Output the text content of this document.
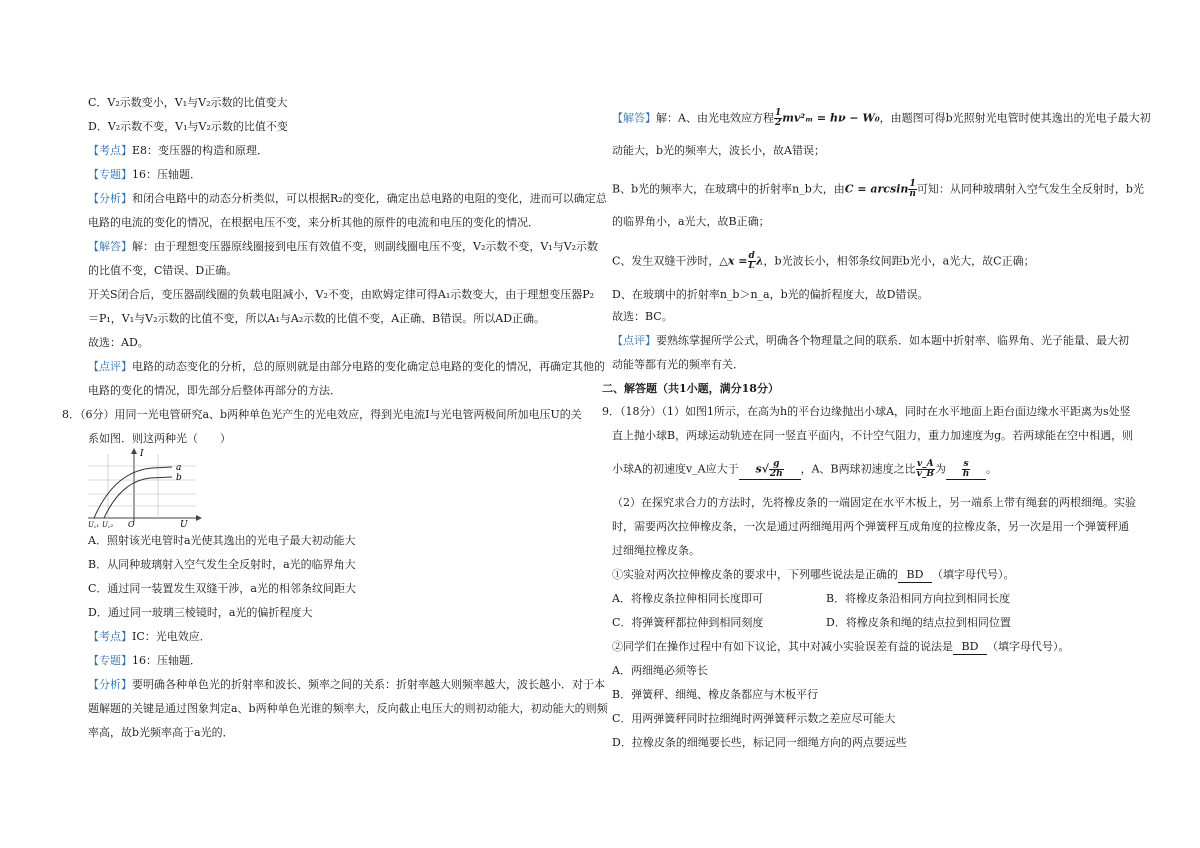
C．V₂示数变小，V₁与V₂示数的比值变大
D．V₂示数不变，V₁与V₂示数的比值不变
【考点】E8：变压器的构造和原理．
【专题】16：压轴题．
【分析】和闭合电路中的动态分析类似，可以根据R₂的变化，确定出总电路的电阻的变化，进而可以确定总
电路的电流的变化的情况，在根据电压不变，来分析其他的原件的电流和电压的变化的情况．
【解答】解：由于理想变压器原线圈接到电压有效值不变，则副线圈电压不变，V₂示数不变，V₁与V₂示数
的比值不变，C错误、D正确。
开关S闭合后，变压器副线圈的负载电阻减小，V₂不变，由欧姆定律可得A₁示数变大，由于理想变压器P₂
＝P₁，V₁与V₂示数的比值不变，所以A₁与A₂示数的比值不变，A正确、B错误。所以AD正确。
故选：AD。
【点评】电路的动态变化的分析，总的原则就是由部分电路的变化确定总电路的变化的情况，再确定其他的
电路的变化的情况，即先部分后整体再部分的方法．
8．（6分）用同一光电管研究a、b两种单色光产生的光电效应，得到光电流I与光电管两极间所加电压U的关
系如图．则这两种光（　　）
I
a
b
U꜀₁ U꜀₂ O	U
A．照射该光电管时a光使其逸出的光电子最大初动能大
B．从同种玻璃射入空气发生全反射时，a光的临界角大
C．通过同一装置发生双缝干涉，a光的相邻条纹间距大
D．通过同一玻璃三棱镜时，a光的偏折程度大
【考点】IC：光电效应．
【专题】16：压轴题．
【分析】要明确各种单色光的折射率和波长、频率之间的关系：折射率越大则频率越大，波长越小．对于本
题解题的关键是通过图象判定a、b两种单色光谁的频率大，反向截止电压大的则初动能大，初动能大的则频
率高，故b光频率高于a光的．
【解答】解：A、由光电效应方程 $\frac{1}{2} mv^2_m = h\nu - W_0$，由题图可得b光照射光电管时使其逸出的光电子最大初
动能大，b光的频率大，波长小，故A错误；
B、b光的频率大，在玻璃中的折射率n_b大，由$C = \arcsin \frac{1}{n}$ 可知：从同种玻璃射入空气发生全反射时，b光
的临界角小，a光大，故B正确；
C、发生双缝干涉时，△x = $\frac{d}{L}$ λ，b光波长小，相邻条纹间距b光小，a光大，故C正确；
D、在玻璃中的折射率n_b＞n_a，b光的偏折程度大，故D错误。
故选：BC。
【点评】要熟练掌握所学公式，明确各个物理量之间的联系．如本题中折射率、临界角、光子能量、最大初
动能等都有光的频率有关．
二、解答题（共1小题，满分18分）
9．（18分）（1）如图1所示，在高为h的平台边缘抛出小球A，同时在水平地面上距台面边缘水平距离为s处竖
直上抛小球B，两球运动轨迹在同一竖直平面内，不计空气阻力，重力加速度为g。若两球能在空中相遇，则
小球A的初速度v_A应大于 $s√ \frac{g}{2h}$ ，A、B两球初速度之比 $\frac{v\_A}{v\_B}$ 为 $\frac{s}{h}$ 。
（2）在探究求合力的方法时，先将橡皮条的一端固定在水平木板上，另一端系上带有绳套的两根细绳。实验
时，需要两次拉伸橡皮条，一次是通过两细绳用两个弹簧秤互成角度的拉橡皮条，另一次是用一个弹簧秤通
过细绳拉橡皮条。
①实验对两次拉伸橡皮条的要求中，下列哪些说法是正确的 BD （填字母代号）。
A．将橡皮条拉伸相同长度即可	B．将橡皮条沿相同方向拉到相同长度
C．将弹簧秤都拉伸到相同刻度	D．将橡皮条和绳的结点拉到相同位置
②同学们在操作过程中有如下议论，其中对减小实验误差有益的说法是 BD （填字母代号）。
A．两细绳必须等长
B．弹簧秤、细绳、橡皮条都应与木板平行
C．用两弹簧秤同时拉细绳时两弹簧秤示数之差应尽可能大
D．拉橡皮条的细绳要长些，标记同一细绳方向的两点要远些
